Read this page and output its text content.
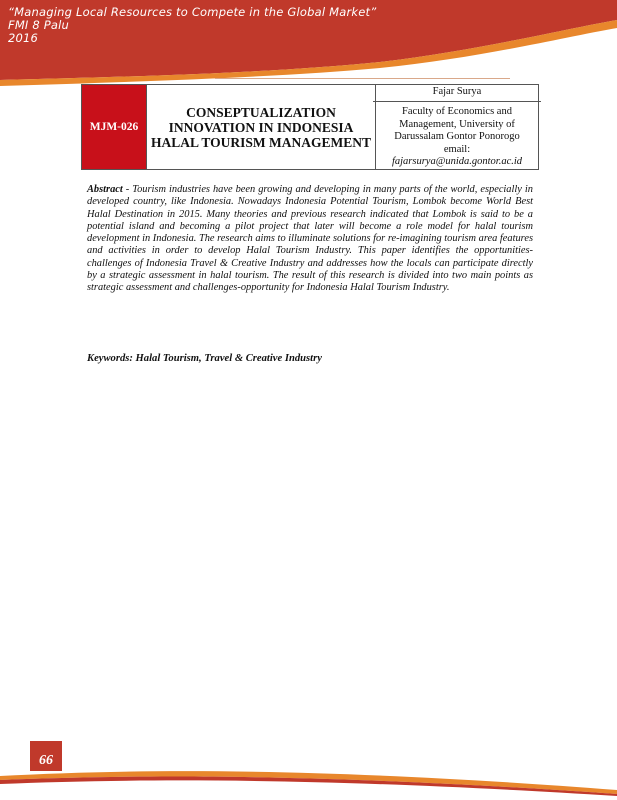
“Managing Local Resources to Compete in the Global Market”
FMI 8 Palu
2016
MJM-026	CONSEPTUALIZATION INNOVATION IN INDONESIA HALAL TOURISM MANAGEMENT	
Fajar Surya
Faculty of Economics and Management, University of Darussalam Gontor Ponorogo
email:
fajarsurya@unida.gontor.ac.id
Abstract - Tourism industries have been growing and developing in many parts of the world, especially in developed country, like Indonesia. Nowadays Indonesia Potential Tourism, Lombok become World Best Halal Destination in 2015. Many theories and previous research indicated that Lombok is said to be a potential island and becoming a pilot project that later will become a role model for halal tourism development in Indonesia. The research aims to illuminate solutions for re-imagining tourism area features and activities in order to develop Halal Tourism Industry. This paper identifies the opportunities-challenges of Indonesia Travel & Creative Industry and addresses how the locals can participate directly by a strategic assessment in halal tourism. The result of this research is divided into two main points as strategic assessment and challenges-opportunity for Indonesia Halal Tourism Industry.
Keywords: Halal Tourism, Travel & Creative Industry
66
